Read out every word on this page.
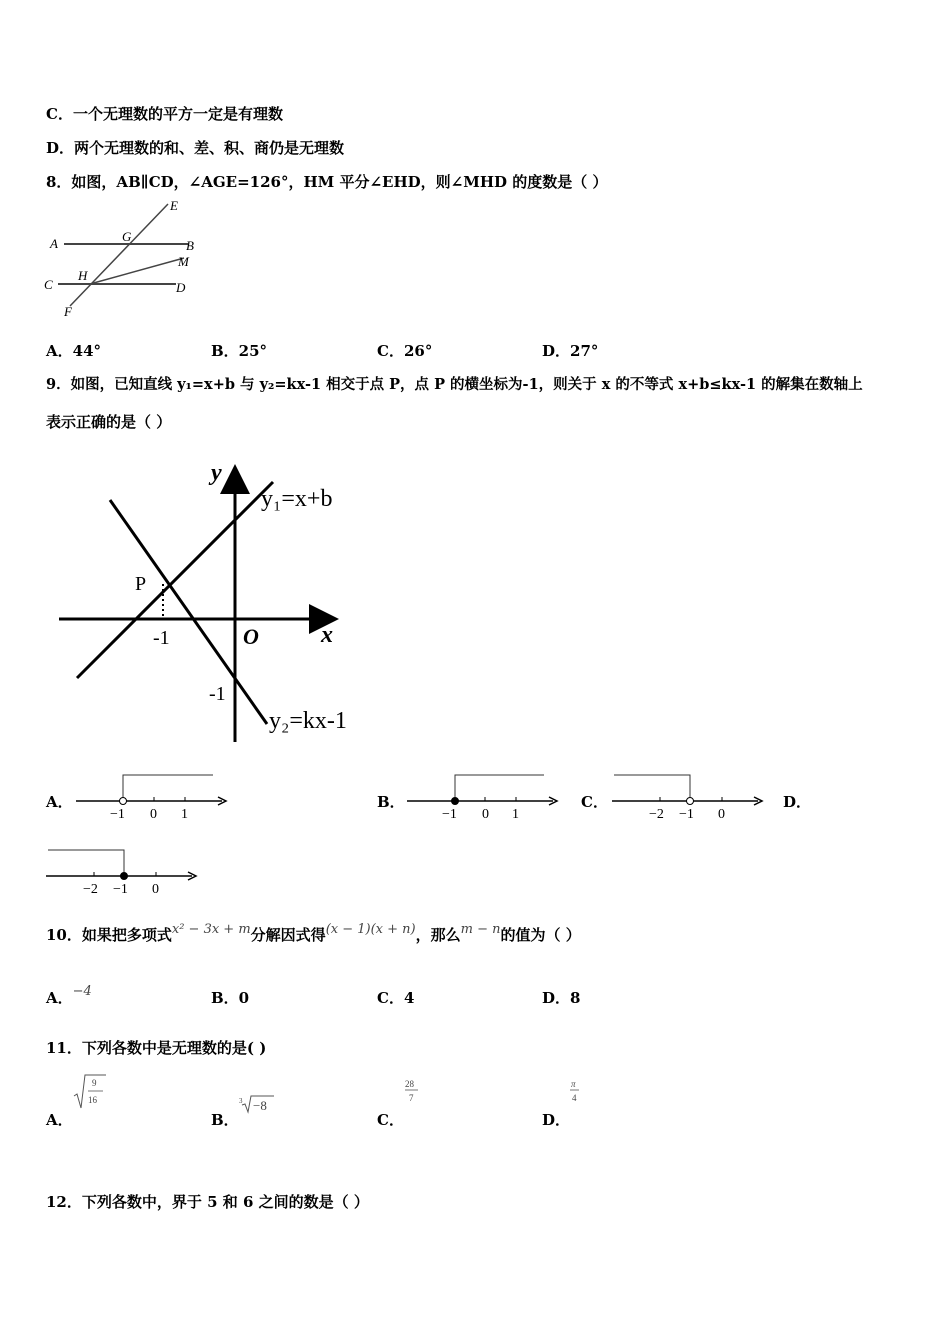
C．一个无理数的平方一定是有理数
D．两个无理数的和、差、积、商仍是无理数
8．如图，AB∥CD，∠AGE=126°，HM 平分∠EHD，则∠MHD 的度数是（ ）
A	B
C	D
E
F
G
H
M
A．44°	B．25°	C．26°	D．27°
9．如图，已知直线 y₁=x+b 与 y₂=kx-1 相交于点 P，点 P 的横坐标为-1，则关于 x 的不等式 x+b≤kx-1 的解集在数轴上
表示正确的是（ ）
y
x
O
P
-1
-1
y₁=x+b
y₂=kx-1
A．
−1 0 1
B．
−1 0 1
C．
−2 −1 0
D．
−2 −1 0
10．如果把多项式x² − 3x + m分解因式得(x − 1)(x + n)，那么m − n的值为（ ）
A．−4	B．0	C．4	D．8
11．下列各数中是无理数的是( )
A．
9
16
B．
3 −8
C．
28
7
D．
π
4
12．下列各数中，界于 5 和 6 之间的数是（ ）
